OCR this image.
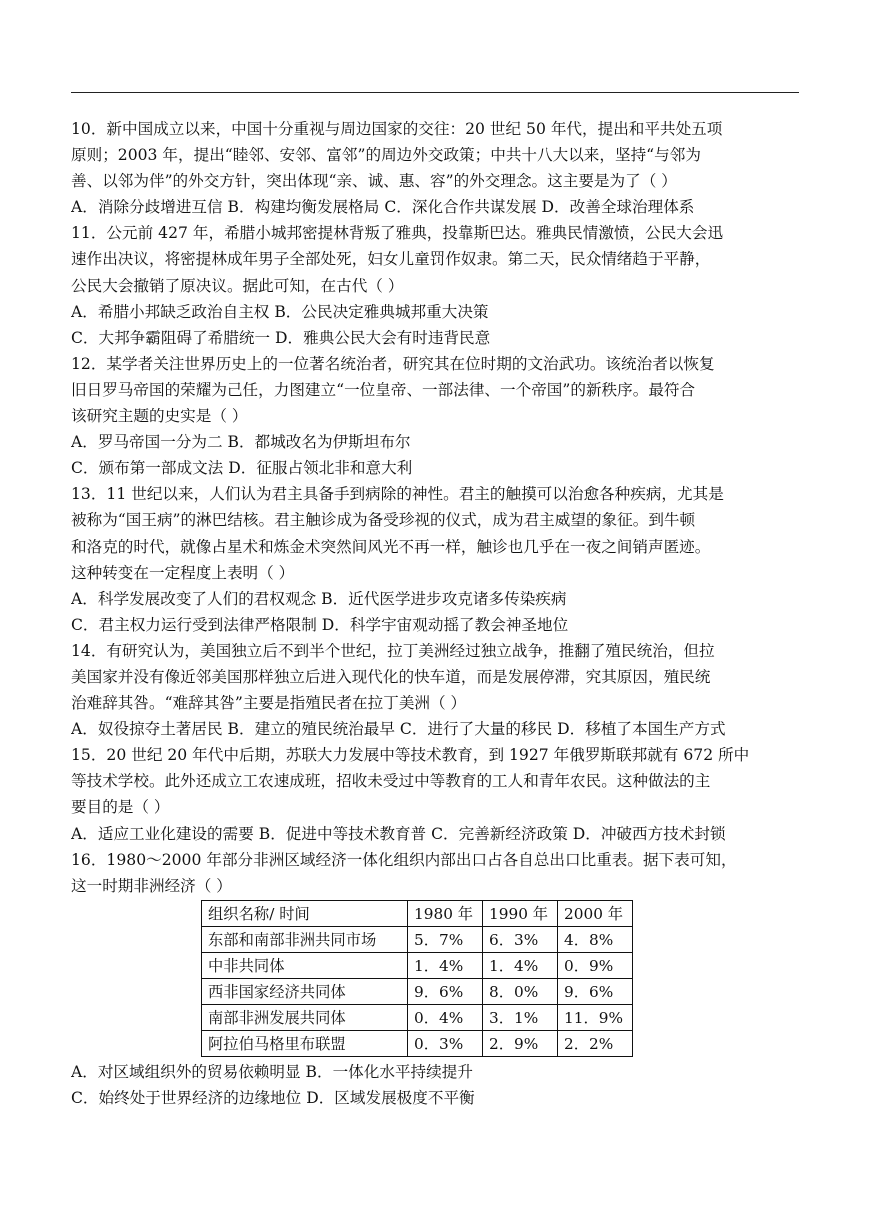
10．新中国成立以来，中国十分重视与周边国家的交往：20 世纪 50 年代，提出和平共处五项
原则；2003 年，提出“睦邻、安邻、富邻”的周边外交政策；中共十八大以来，坚持“与邻为
善、以邻为伴”的外交方针，突出体现“亲、诚、惠、容”的外交理念。这主要是为了（ ）
A．消除分歧增进互信 B．构建均衡发展格局 C．深化合作共谋发展 D．改善全球治理体系
11．公元前 427 年，希腊小城邦密提林背叛了雅典，投靠斯巴达。雅典民情激愤，公民大会迅
速作出决议，将密提林成年男子全部处死，妇女儿童罚作奴隶。第二天，民众情绪趋于平静，
公民大会撤销了原决议。据此可知，在古代（ ）
A．希腊小邦缺乏政治自主权 B．公民决定雅典城邦重大决策
C．大邦争霸阻碍了希腊统一 D．雅典公民大会有时违背民意
12．某学者关注世界历史上的一位著名统治者，研究其在位时期的文治武功。该统治者以恢复
旧日罗马帝国的荣耀为己任，力图建立“一位皇帝、一部法律、一个帝国”的新秩序。最符合
该研究主题的史实是（ ）
A．罗马帝国一分为二 B．都城改名为伊斯坦布尔
C．颁布第一部成文法 D．征服占领北非和意大利
13．11 世纪以来，人们认为君主具备手到病除的神性。君主的触摸可以治愈各种疾病，尤其是
被称为“国王病”的淋巴结核。君主触诊成为备受珍视的仪式，成为君主威望的象征。到牛顿
和洛克的时代，就像占星术和炼金术突然间风光不再一样，触诊也几乎在一夜之间销声匿迹。
这种转变在一定程度上表明（ ）
A．科学发展改变了人们的君权观念 B．近代医学进步攻克诸多传染疾病
C．君主权力运行受到法律严格限制 D．科学宇宙观动摇了教会神圣地位
14．有研究认为，美国独立后不到半个世纪，拉丁美洲经过独立战争，推翻了殖民统治，但拉
美国家并没有像近邻美国那样独立后进入现代化的快车道，而是发展停滞，究其原因，殖民统
治难辞其咎。“难辞其咎”主要是指殖民者在拉丁美洲（ ）
A．奴役掠夺土著居民 B．建立的殖民统治最早 C．进行了大量的移民 D．移植了本国生产方式
15．20 世纪 20 年代中后期，苏联大力发展中等技术教育，到 1927 年俄罗斯联邦就有 672 所中
等技术学校。此外还成立工农速成班，招收未受过中等教育的工人和青年农民。这种做法的主
要目的是（ ）
A．适应工业化建设的需要 B．促进中等技术教育普 C．完善新经济政策 D．冲破西方技术封锁
16．1980～2000 年部分非洲区域经济一体化组织内部出口占各自总出口比重表。据下表可知，
这一时期非洲经济（ ）
组织名称/ 时间	1980 年	1990 年	2000 年
东部和南部非洲共同市场	5．7%	6．3%	4．8%
中非共同体	1．4%	1．4%	0．9%
西非国家经济共同体	9．6%	8．0%	9．6%
南部非洲发展共同体	0．4%	3．1%	11．9%
阿拉伯马格里布联盟	0．3%	2．9%	2．2%
A．对区域组织外的贸易依赖明显 B．一体化水平持续提升
C．始终处于世界经济的边缘地位 D．区域发展极度不平衡
